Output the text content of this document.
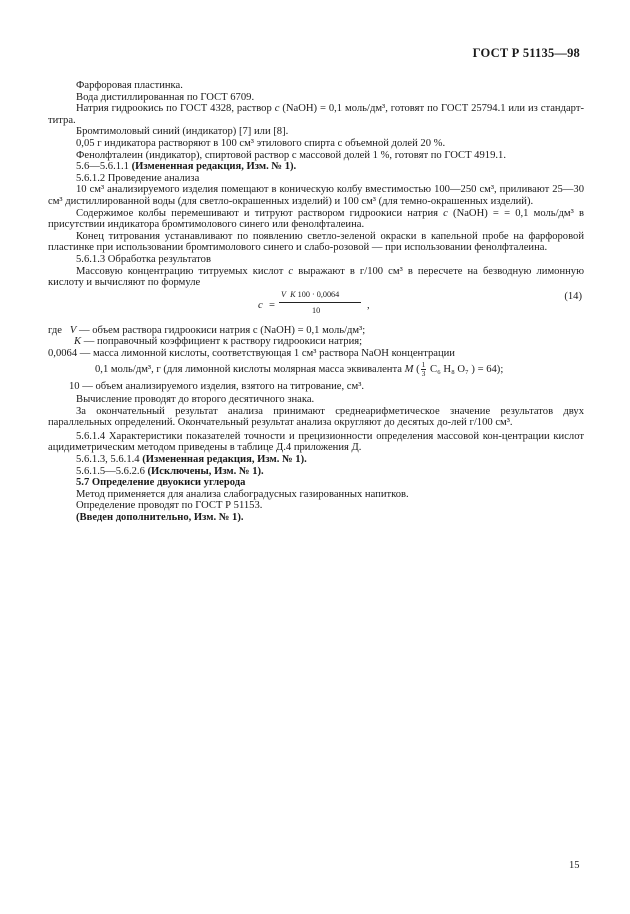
ГОСТ Р 51135—98

Фарфоровая пластинка.

Вода дистиллированная по ГОСТ 6709.

Натрия гидроокись по ГОСТ 4328, раствор c (NaOH) = 0,1 моль/дм³, готовят по ГОСТ 25794.1 или из стандарт-титра.

Бромтимоловый синий (индикатор) [7] или [8].

0,05 г индикатора растворяют в 100 см³ этилового спирта с объемной долей 20 %.

Фенолфталеин (индикатор), спиртовой раствор с массовой долей 1 %, готовят по ГОСТ 4919.1.

5.6—5.6.1.1 (Измененная редакция, Изм. № 1).

5.6.1.2 Проведение анализа

10 см³ анализируемого изделия помещают в коническую колбу вместимостью 100—250 см³, приливают 25—30 см³ дистиллированной воды (для светло-окрашенных изделий) и 100 см³ (для темно-окрашенных изделий).

Содержимое колбы перемешивают и титруют раствором гидроокиси натрия c (NaOH) = = 0,1 моль/дм³ в присутствии индикатора бромтимолового синего или фенолфталеина.

Конец титрования устанавливают по появлению светло-зеленой окраски в капельной пробе на фарфоровой пластинке при использовании бромтимолового синего и слабо-розовой — при использовании фенолфталеина.

5.6.1.3 Обработка результатов

Массовую концентрацию титруемых кислот c выражают в г/100 см³ в пересчете на безводную лимонную кислоту и вычисляют по формуле

c =
V K 100 · 0,0064
10	,
(14)

где V — объем раствора гидроокиси натрия c (NaOH) = 0,1 моль/дм³;

K — поправочный коэффициент к раствору гидроокиси натрия;

0,0064 — масса лимонной кислоты, соответствующая 1 см³ раствора NaOH концентрации

0,1 моль/дм³, г (для лимонной кислоты молярная масса эквивалента M ( $\frac{1}{3} C_6$ H₈ O₇ ) = 64);

10 — объем анализируемого изделия, взятого на титрование, см³.

Вычисление проводят до второго десятичного знака.

За окончательный результат анализа принимают среднеарифметическое значение результатов двух параллельных определений. Окончательный результат анализа округляют до десятых до-лей г/100 см³.

5.6.1.4 Характеристики показателей точности и прецизионности определения массовой кон-центрации кислот ацидиметрическим методом приведены в таблице Д.4 приложения Д.

5.6.1.3, 5.6.1.4 (Измененная редакция, Изм. № 1).

5.6.1.5—5.6.2.6 (Исключены, Изм. № 1).

5.7 Определение двуокиси углерода

Метод применяется для анализа слабоградусных газированных напитков.

Определение проводят по ГОСТ Р 51153.

(Введен дополнительно, Изм. № 1).

15
